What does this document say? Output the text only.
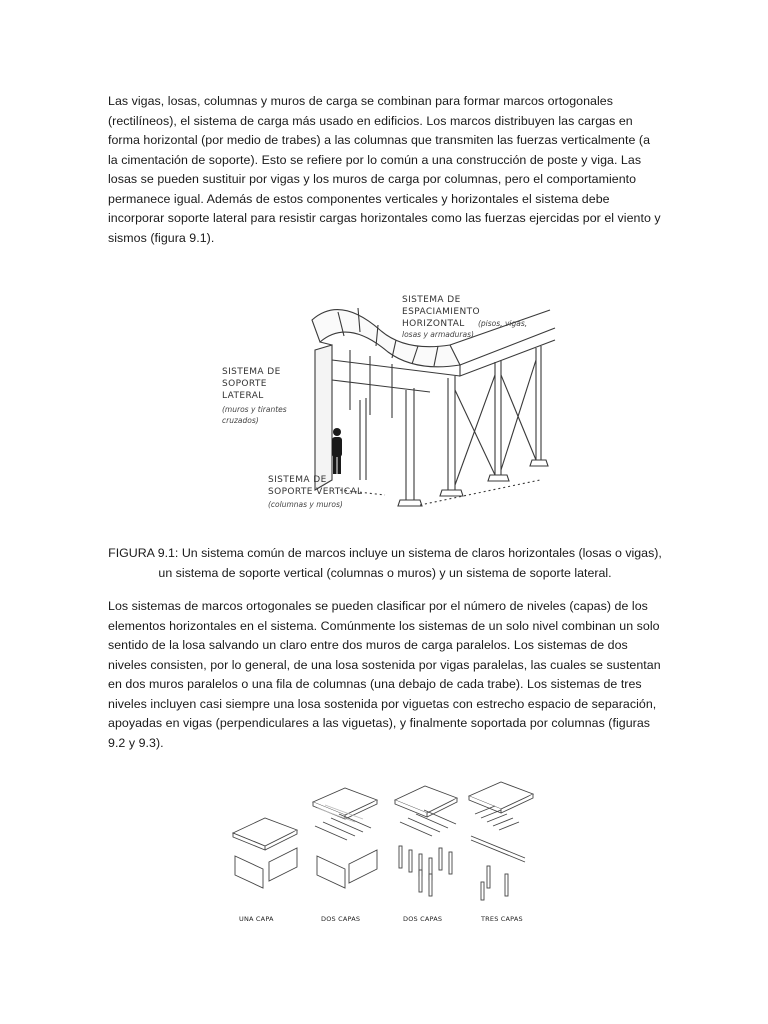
Las vigas, losas, columnas y muros de carga se combinan para formar marcos ortogonales (rectilíneos), el sistema de carga más usado en edificios. Los marcos distribuyen las cargas en forma horizontal (por medio de trabes) a las columnas que transmiten las fuerzas verticalmente (a la cimentación de soporte). Esto se refiere por lo común a una construcción de poste y viga. Las losas se pueden sustituir por vigas y los muros de carga por columnas, pero el comportamiento permanece igual. Además de estos componentes verticales y horizontales el sistema debe incorporar soporte lateral para resistir cargas horizontales como las fuerzas ejercidas por el viento y sismos (figura 9.1).

SISTEMA DE
ESPACIAMIENTO
HORIZONTAL (pisos, vigas,
losas y armaduras)
SISTEMA DE
SOPORTE
LATERAL
(muros y tirantes
cruzados)
SISTEMA DE
SOPORTE VERTICAL
(columnas y muros)

FIGURA 9.1: Un sistema común de marcos incluye un sistema de claros horizontales (losas o vigas), un sistema de soporte vertical (columnas o muros) y un sistema de soporte lateral.

Los sistemas de marcos ortogonales se pueden clasificar por el número de niveles (capas) de los elementos horizontales en el sistema. Comúnmente los sistemas de un solo nivel combinan un solo sentido de la losa salvando un claro entre dos muros de carga paralelos. Los sistemas de dos niveles consisten, por lo general, de una losa sostenida por vigas paralelas, las cuales se sustentan en dos muros paralelos o una fila de columnas (una debajo de cada trabe). Los sistemas de tres niveles incluyen casi siempre una losa sostenida por viguetas con estrecho espacio de separación, apoyadas en vigas (perpendiculares a las viguetas), y finalmente soportada por columnas (figuras 9.2 y 9.3).

UNA CAPA	DOS CAPAS	DOS CAPAS	TRES CAPAS
